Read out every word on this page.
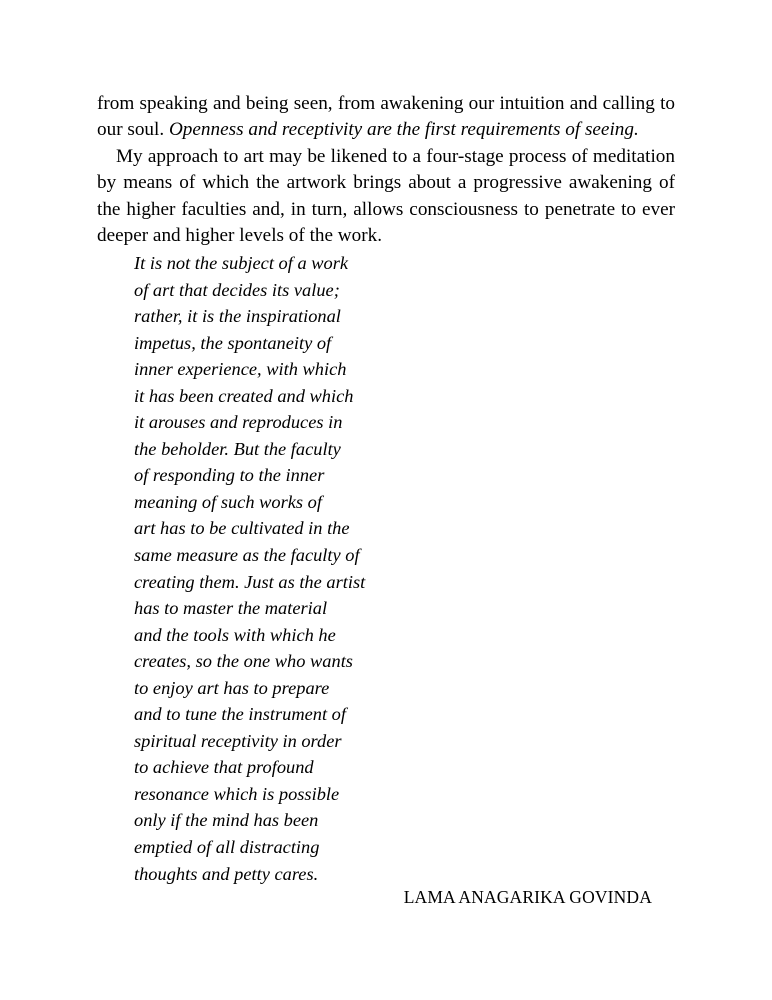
from speaking and being seen, from awakening our intuition and calling to our soul. Openness and receptivity are the first requirements of seeing.

My approach to art may be likened to a four-stage process of meditation by means of which the artwork brings about a progressive awakening of the higher faculties and, in turn, allows consciousness to penetrate to ever deeper and higher levels of the work.

It is not the subject of a work
of art that decides its value;
rather, it is the inspirational
impetus, the spontaneity of
inner experience, with which
it has been created and which
it arouses and reproduces in
the beholder. But the faculty
of responding to the inner
meaning of such works of
art has to be cultivated in the
same measure as the faculty of
creating them. Just as the artist
has to master the material
and the tools with which he
creates, so the one who wants
to enjoy art has to prepare
and to tune the instrument of
spiritual receptivity in order
to achieve that profound
resonance which is possible
only if the mind has been
emptied of all distracting
thoughts and petty cares.

LAMA ANAGARIKA GOVINDA
